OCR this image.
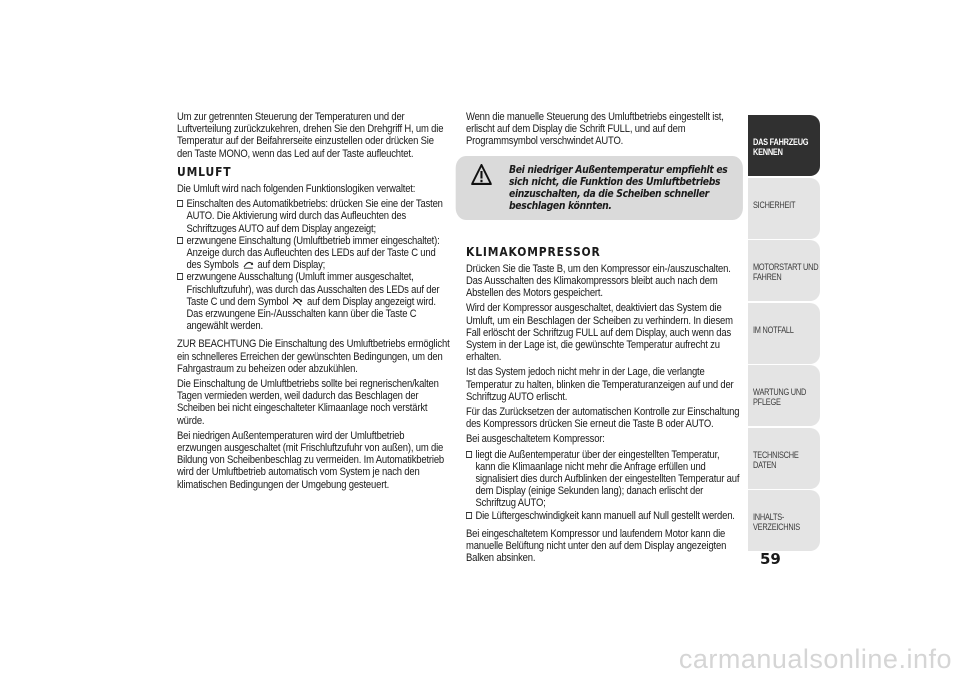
Um zur getrennten Steuerung der Temperaturen und der Luftverteilung zurückzukehren, drehen Sie den Drehgriff H, um die Temperatur auf der Beifahrerseite einzustellen oder drücken Sie den Taste MONO, wenn das Led auf der Taste aufleuchtet.

UMLUFT

Die Umluft wird nach folgenden Funktionslogiken verwaltet:

Einschalten des Automatikbetriebs: drücken Sie eine der Tasten AUTO. Die Aktivierung wird durch das Aufleuchten des Schriftzuges AUTO auf dem Display angezeigt;
erzwungene Einschaltung (Umluftbetrieb immer eingeschaltet): Anzeige durch das Aufleuchten des LEDs auf der Taste C und des Symbols auf dem Display;
erzwungene Ausschaltung (Umluft immer ausgeschaltet, Frischluftzufuhr), was durch das Ausschalten des LEDs auf der Taste C und dem Symbol auf dem Display angezeigt wird. Das erzwungene Ein-/Ausschalten kann über die Taste C angewählt werden.

ZUR BEACHTUNG Die Einschaltung des Umluftbetriebs ermöglicht ein schnelleres Erreichen der gewünschten Bedingungen, um den Fahrgastraum zu beheizen oder abzukühlen.

Die Einschaltung de Umluftbetriebs sollte bei regnerischen/kalten Tagen vermieden werden, weil dadurch das Beschlagen der Scheiben bei nicht eingeschalteter Klimaanlage noch verstärkt würde.

Bei niedrigen Außentemperaturen wird der Umluftbetrieb erzwungen ausgeschaltet (mit Frischluftzufuhr von außen), um die Bildung von Scheibenbeschlag zu vermeiden. Im Automatikbetrieb wird der Umluftbetrieb automatisch vom System je nach den klimatischen Bedingungen der Umgebung gesteuert.

Wenn die manuelle Steuerung des Umluftbetriebs eingestellt ist, erlischt auf dem Display die Schrift FULL, und auf dem Programmsymbol verschwindet AUTO.

Bei niedriger Außentemperatur empfiehlt es sich nicht, die Funktion des Umluftbetriebs einzuschalten, da die Scheiben schneller beschlagen könnten.
KLIMAKOMPRESSOR

Drücken Sie die Taste B, um den Kompressor ein-/auszuschalten. Das Ausschalten des Klimakompressors bleibt auch nach dem Abstellen des Motors gespeichert.

Wird der Kompressor ausgeschaltet, deaktiviert das System die Umluft, um ein Beschlagen der Scheiben zu verhindern. In diesem Fall erlöscht der Schriftzug FULL auf dem Display, auch wenn das System in der Lage ist, die gewünschte Temperatur aufrecht zu erhalten.

Ist das System jedoch nicht mehr in der Lage, die verlangte Temperatur zu halten, blinken die Temperaturanzeigen auf und der Schriftzug AUTO erlischt.

Für das Zurücksetzen der automatischen Kontrolle zur Einschaltung des Kompressors drücken Sie erneut die Taste B oder AUTO.

Bei ausgeschaltetem Kompressor:

liegt die Außentemperatur über der eingestellten Temperatur, kann die Klimaanlage nicht mehr die Anfrage erfüllen und signalisiert dies durch Aufblinken der eingestellten Temperatur auf dem Display (einige Sekunden lang); danach erlischt der Schriftzug AUTO;
Die Lüftergeschwindigkeit kann manuell auf Null gestellt werden.

Bei eingeschaltetem Kompressor und laufendem Motor kann die manuelle Belüftung nicht unter den auf dem Display angezeigten Balken absinken.

DAS FAHRZEUG KENNEN
SICHERHEIT
MOTORSTART UND FAHREN
IM NOTFALL
WARTUNG UND PFLEGE
TECHNISCHE DATEN
INHALTS-VERZEICHNIS
59
carmanualsonline.info
